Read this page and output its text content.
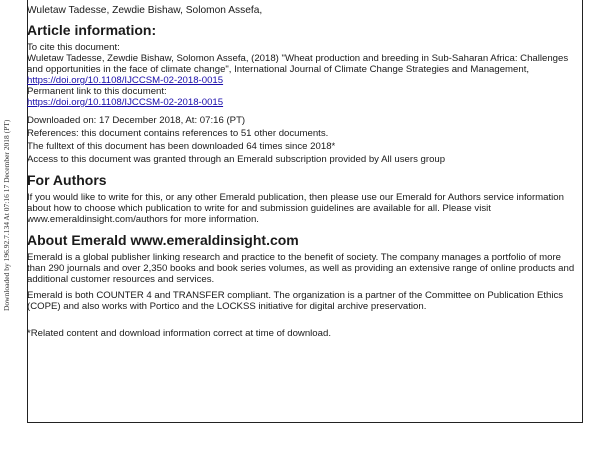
Downloaded by 196.92.7.134 At 07:16 17 December 2018 (PT)
Wuletaw Tadesse, Zewdie Bishaw, Solomon Assefa,
Article information:

To cite this document:

Wuletaw Tadesse, Zewdie Bishaw, Solomon Assefa, (2018) "Wheat production and breeding in Sub-Saharan Africa: Challenges and opportunities in the face of climate change", International Journal of Climate Change Strategies and Management, https://doi.org/10.1108/IJCCSM-02-2018-0015

Permanent link to this document:

https://doi.org/10.1108/IJCCSM-02-2018-0015

Downloaded on: 17 December 2018, At: 07:16 (PT)

References: this document contains references to 51 other documents.

The fulltext of this document has been downloaded 64 times since 2018*

Access to this document was granted through an Emerald subscription provided by All users group

For Authors

If you would like to write for this, or any other Emerald publication, then please use our Emerald for Authors service information about how to choose which publication to write for and submission guidelines are available for all. Please visit www.emeraldinsight.com/authors for more information.

About Emerald www.emeraldinsight.com

Emerald is a global publisher linking research and practice to the benefit of society. The company manages a portfolio of more than 290 journals and over 2,350 books and book series volumes, as well as providing an extensive range of online products and additional customer resources and services.

Emerald is both COUNTER 4 and TRANSFER compliant. The organization is a partner of the Committee on Publication Ethics (COPE) and also works with Portico and the LOCKSS initiative for digital archive preservation.

*Related content and download information correct at time of download.
